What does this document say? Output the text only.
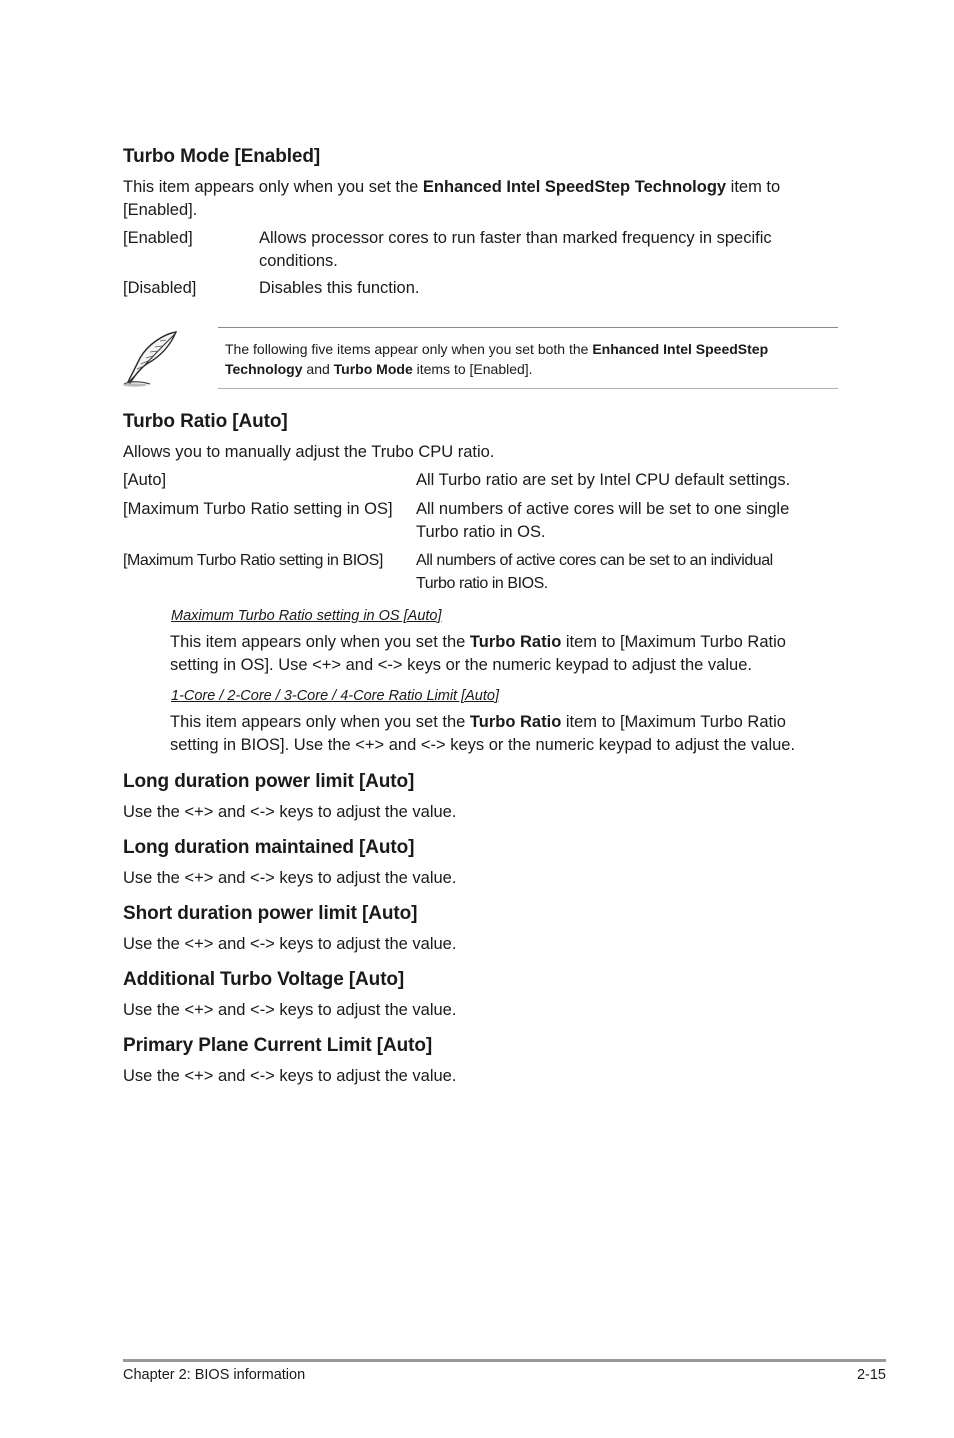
Turbo Mode [Enabled]
This item appears only when you set the Enhanced Intel SpeedStep Technology item to [Enabled].
[Enabled]	Allows processor cores to run faster than marked frequency in specific
conditions.
[Disabled]	Disables this function.
The following five items appear only when you set both the Enhanced Intel SpeedStep
Technology and Turbo Mode items to [Enabled].
Turbo Ratio [Auto]
Allows you to manually adjust the Trubo CPU ratio.
[Auto]	All Turbo ratio are set by Intel CPU default settings.
[Maximum Turbo Ratio setting in OS] All numbers of active cores will be set to one single
Turbo ratio in OS.
[Maximum Turbo Ratio setting in BIOS] All numbers of active cores can be set to an individual
Turbo ratio in BIOS.
Maximum Turbo Ratio setting in OS [Auto]
This item appears only when you set the Turbo Ratio item to [Maximum Turbo Ratio
setting in OS]. Use <+> and <-> keys or the numeric keypad to adjust the value.
1-Core / 2-Core / 3-Core / 4-Core Ratio Limit [Auto]
This item appears only when you set the Turbo Ratio item to [Maximum Turbo Ratio
setting in BIOS]. Use the <+> and <-> keys or the numeric keypad to adjust the value.
Long duration power limit [Auto]
Use the <+> and <-> keys to adjust the value.
Long duration maintained [Auto]
Use the <+> and <-> keys to adjust the value.
Short duration power limit [Auto]
Use the <+> and <-> keys to adjust the value.
Additional Turbo Voltage [Auto]
Use the <+> and <-> keys to adjust the value.
Primary Plane Current Limit [Auto]
Use the <+> and <-> keys to adjust the value.
Chapter 2: BIOS information	2-15
